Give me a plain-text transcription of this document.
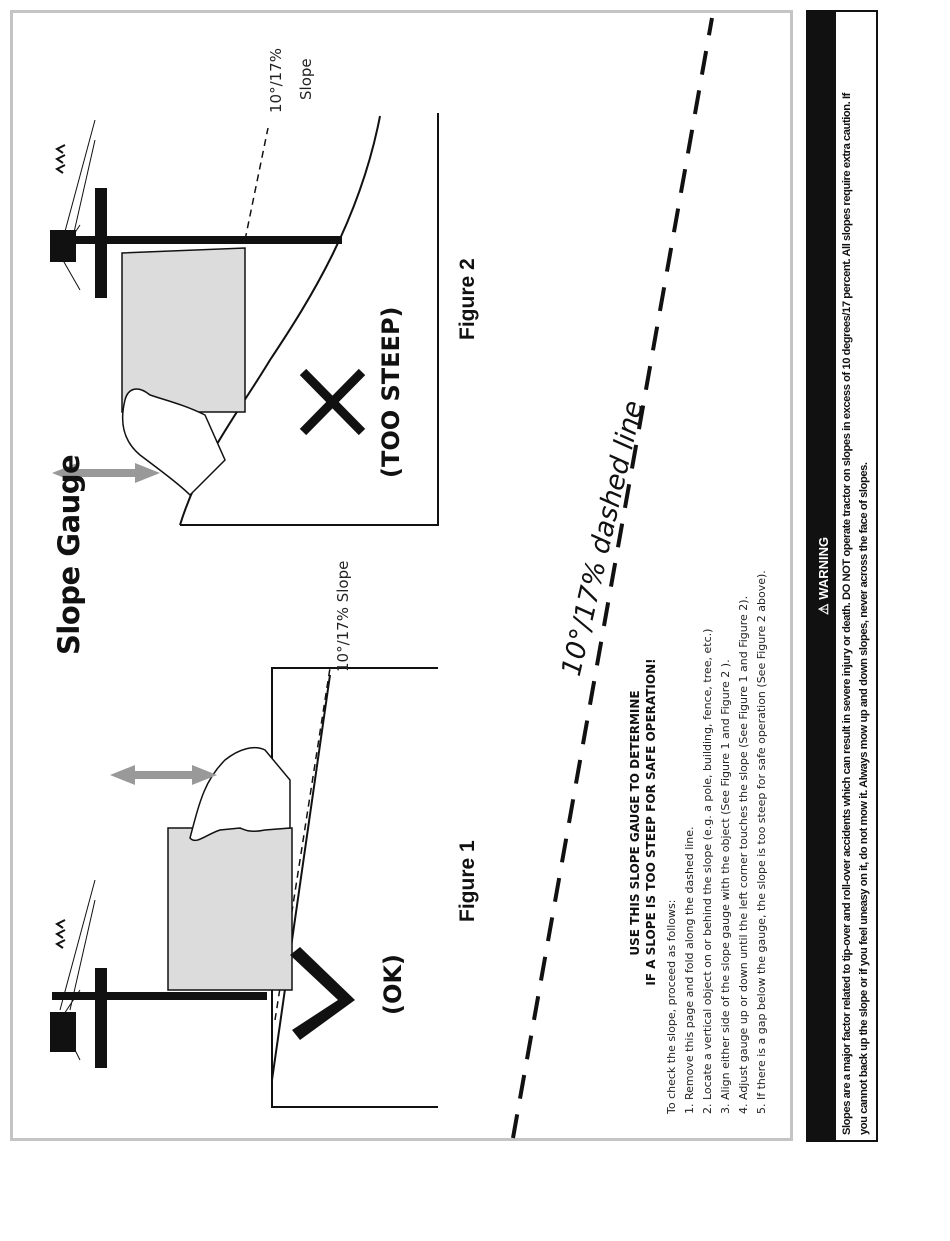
Slope Gauge
Figure 1
10°/17% Slope
(OK)
Figure 2
10°/17% Slope
(TOO STEEP)
10°/17% dashed line
USE THIS SLOPE GAUGE TO DETERMINE IF A SLOPE IS TOO STEEP FOR SAFE OPERATION!
To check the slope, proceed as follows: 1. Remove this page and fold along the dashed line. 2. Locate a vertical object on or behind the slope (e.g. a pole, building, fence, tree, etc.) 3. Align either side of the slope gauge with the object (See Figure 1 and Figure 2 ). 4. Adjust gauge up or down until the left corner touches the slope (See Figure 1 and Figure 2). 5. If there is a gap below the gauge, the slope is too steep for safe operation (See Figure 2 above).	⚠ WARNING Slopes are a major factor related to tip-over and roll-over accidents which can result in severe injury or death. DO NOT operate tractor on slopes in excess of 10 degrees/17 percent. All slopes require extra caution. If you cannot back up the slope or if you feel uneasy on it, do not mow it. Always mow up and down slopes, never across the face of slopes.
